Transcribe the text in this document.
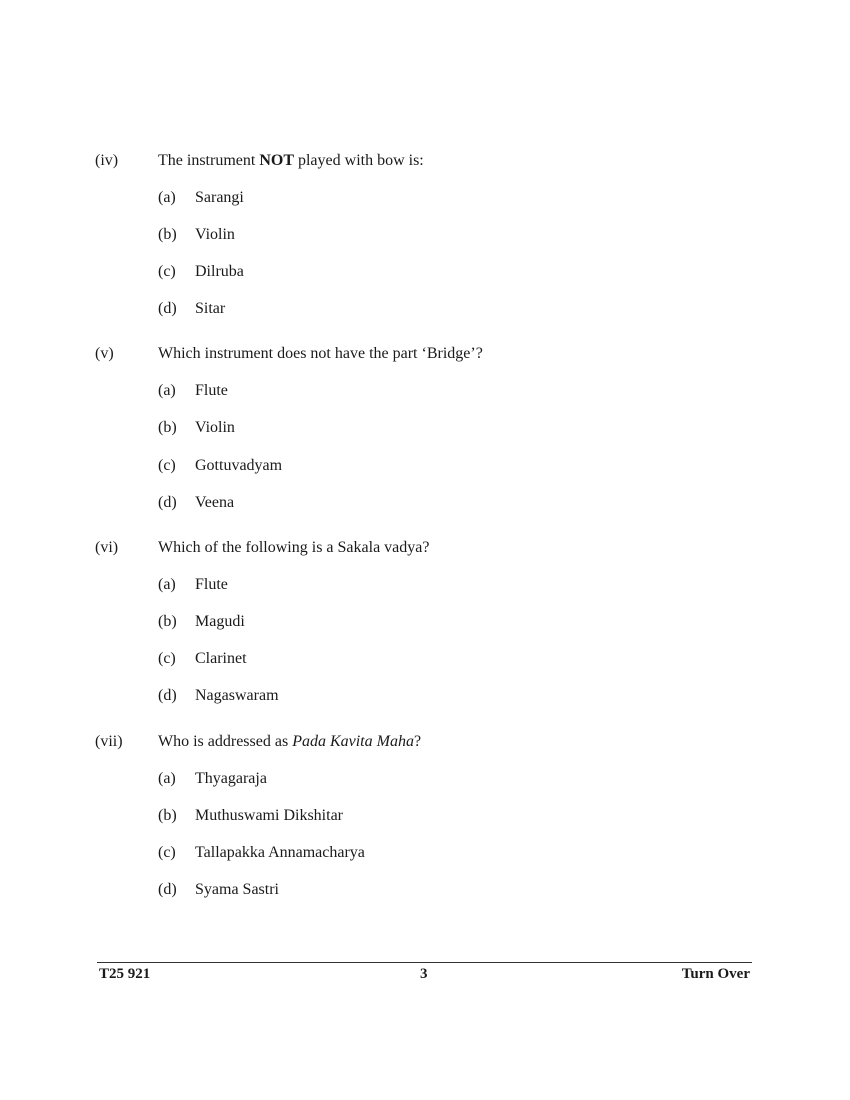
(iv) The instrument NOT played with bow is:
(a) Sarangi
(b) Violin
(c) Dilruba
(d) Sitar
(v)	Which instrument does not have the part ‘Bridge’?
(a) Flute
(b) Violin
(c) Gottuvadyam
(d) Veena
(vi) Which of the following is a Sakala vadya?
(a) Flute
(b) Magudi
(c) Clarinet
(d) Nagaswaram
(vii) Who is addressed as Pada Kavita Maha?
(a) Thyagaraja
(b) Muthuswami Dikshitar
(c) Tallapakka Annamacharya
(d) Syama Sastri
T25 921	3	Turn Over
